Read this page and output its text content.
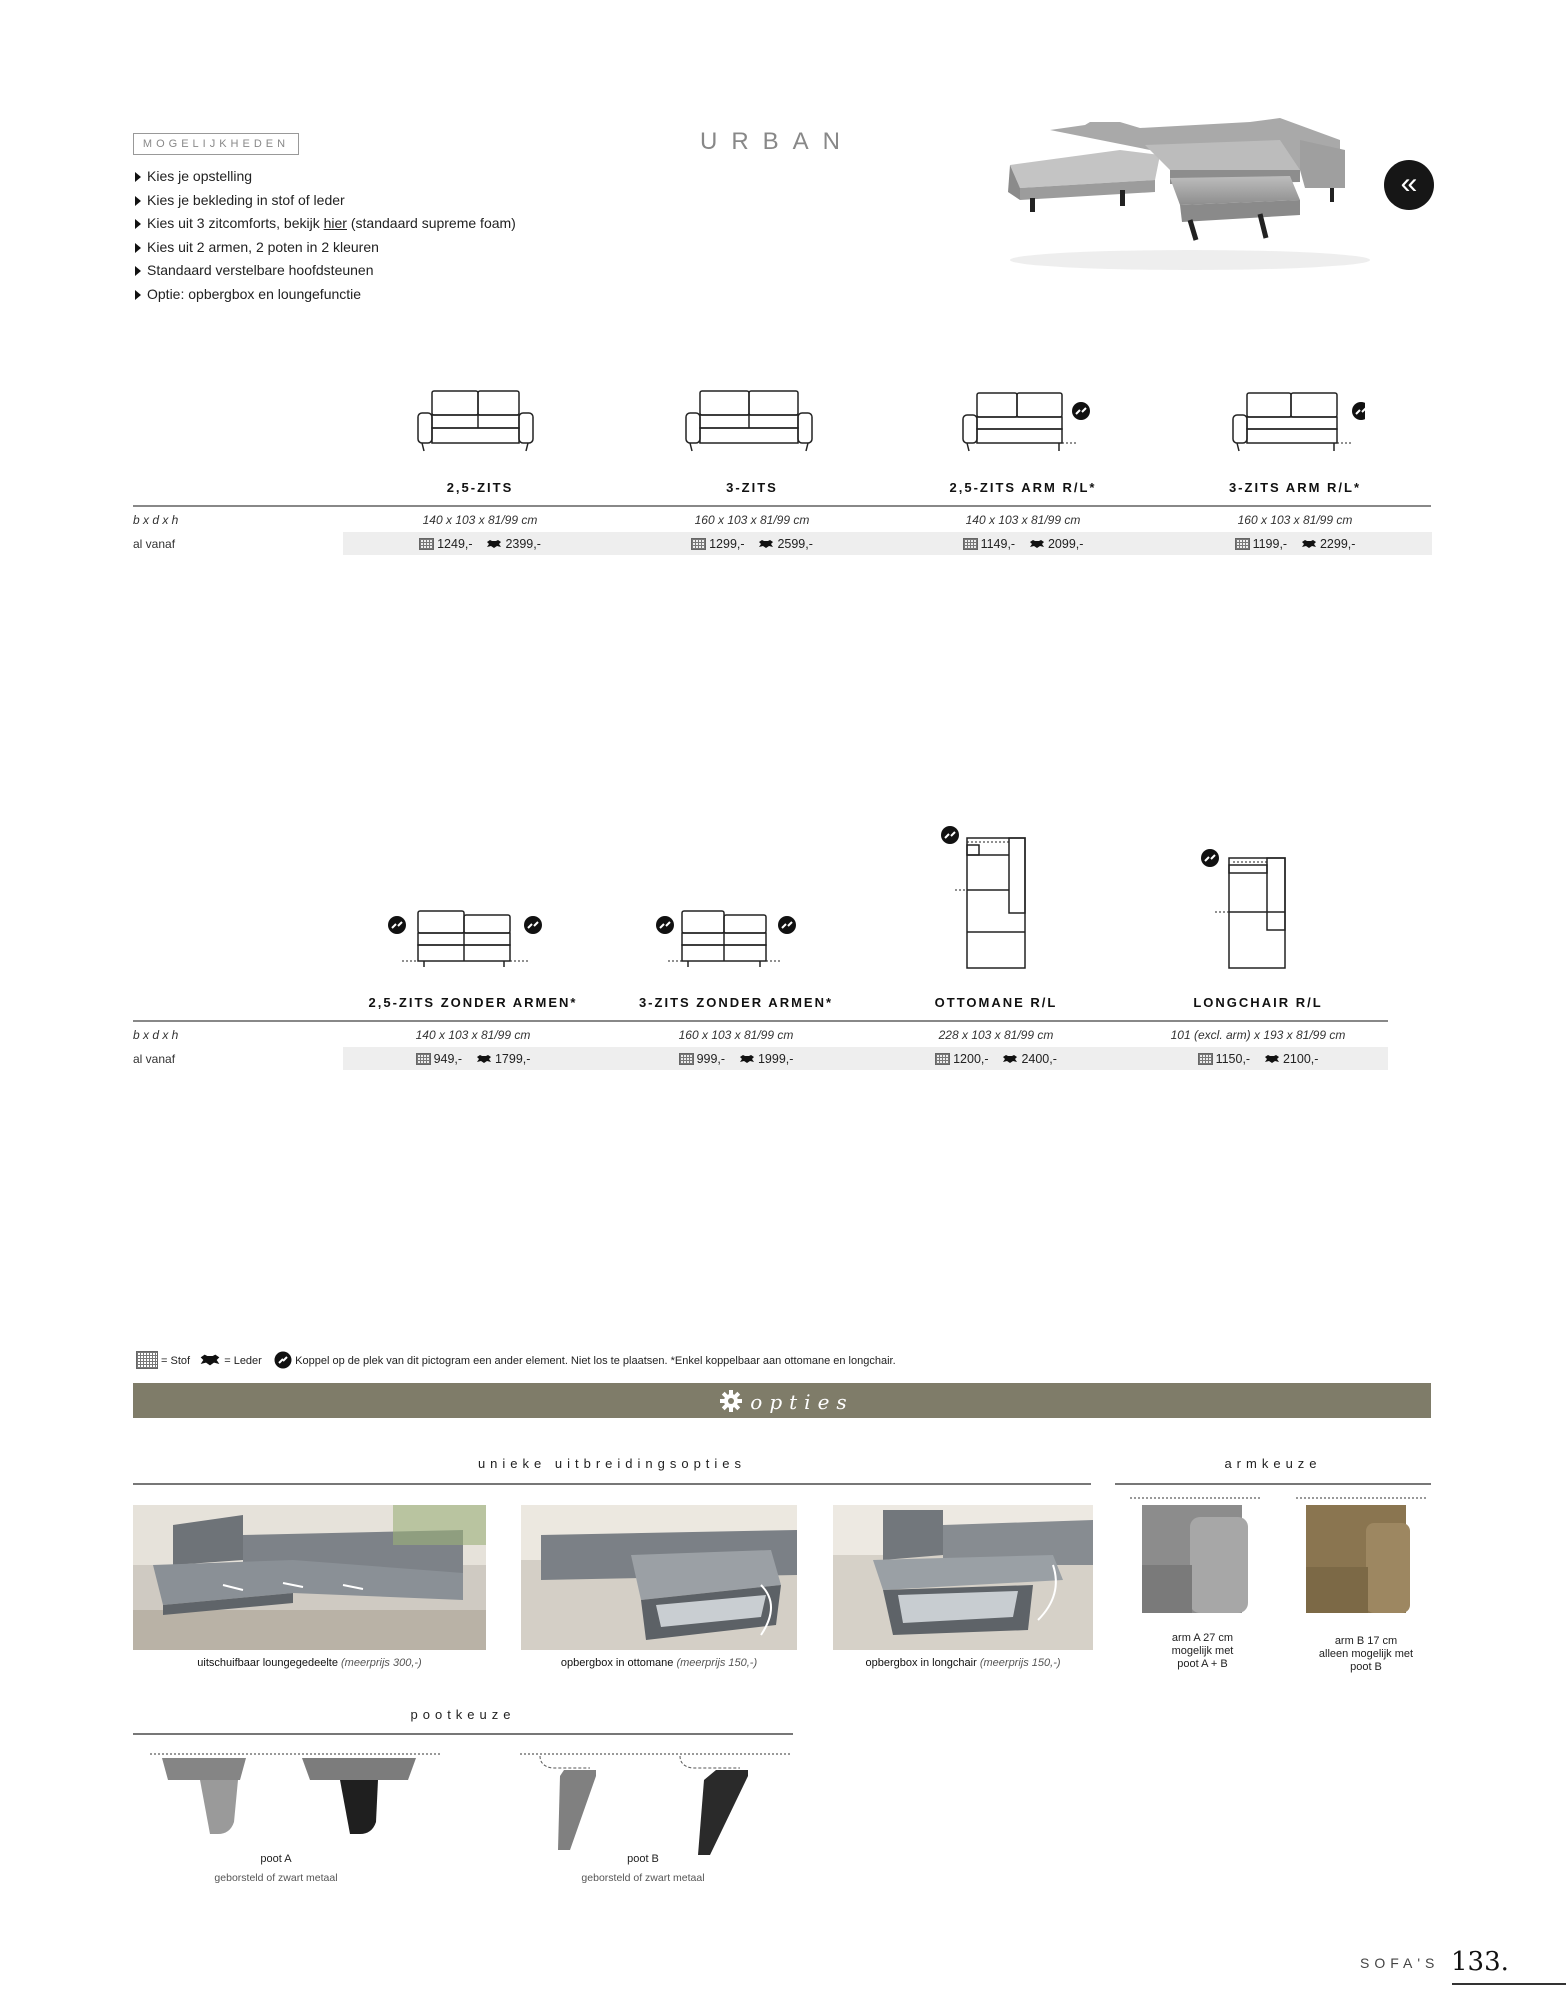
MOGELIJKHEDEN	URBAN
Kies je opstelling
Kies je bekleding in stof of leder
Kies uit 3 zitcomforts, bekijk hier (standaard supreme foam)
Kies uit 2 armen, 2 poten in 2 kleuren
Standaard verstelbare hoofdsteunen
Optie: opbergbox en loungefunctie
«
2,5-ZITS	3-ZITS	2,5-ZITS ARM R/L*	3-ZITS ARM R/L*
b x d x h	140 x 103 x 81/99 cm	160 x 103 x 81/99 cm	140 x 103 x 81/99 cm	160 x 103 x 81/99 cm
al vanaf	1249,-	2399,-	1299,-	2599,-	1149,-	2099,-	1199,-	2299,-
2,5-ZITS ZONDER ARMEN*	3-ZITS ZONDER ARMEN*	OTTOMANE R/L	LONGCHAIR R/L
b x d x h	140 x 103 x 81/99 cm	160 x 103 x 81/99 cm	228 x 103 x 81/99 cm	101 (excl. arm) x 193 x 81/99 cm
al vanaf	949,-	1799,-	999,-	1999,-	1200,-	2400,-	1150,-	2100,-
= Stof	= Leder	Koppel op de plek van dit pictogram een ander element. Niet los te plaatsen. *Enkel koppelbaar aan ottomane en longchair.
opties
unieke uitbreidingsopties
uitschuifbaar loungegedeelte (meerprijs 300,-)	opbergbox in ottomane (meerprijs 150,-)	opbergbox in longchair (meerprijs 150,-)
armkeuze
arm A 27 cm
mogelijk met
poot A + B
arm B 17 cm
alleen mogelijk met
poot B
pootkeuze
poot A
geborsteld of zwart metaal
poot B
geborsteld of zwart metaal
SOFA'S 133.
